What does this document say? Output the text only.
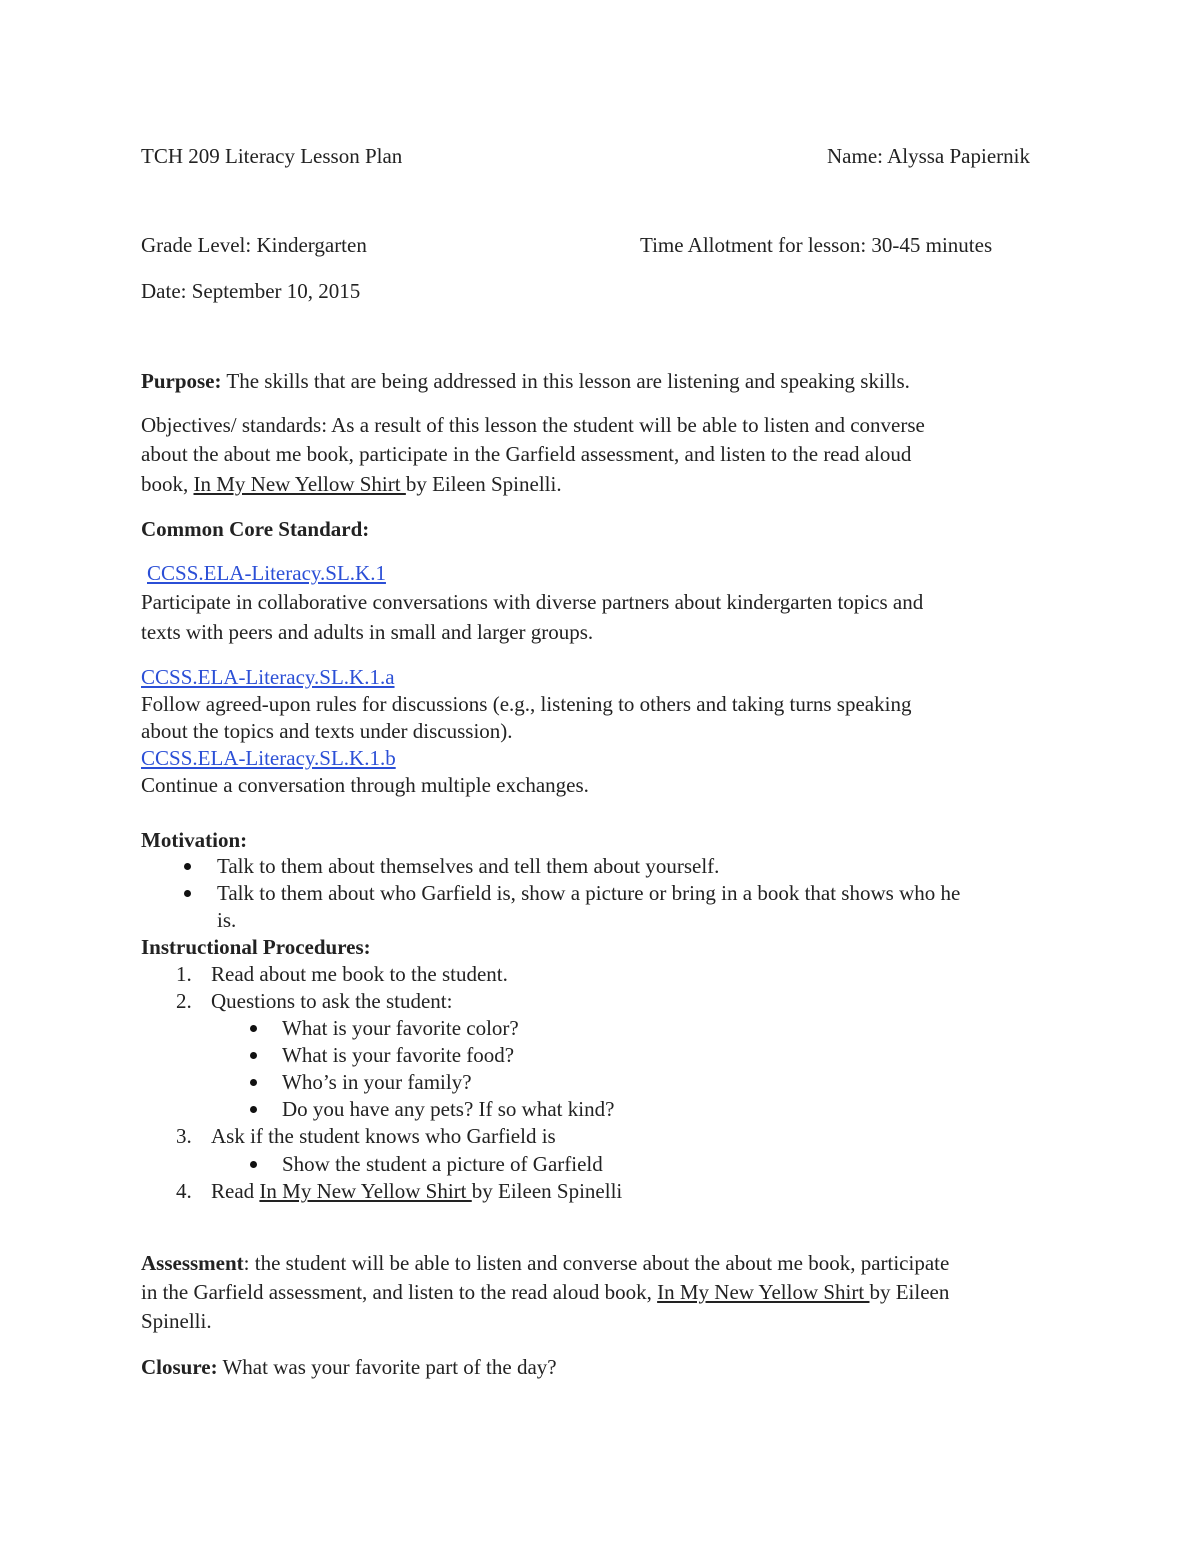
TCH 209 Literacy Lesson Plan	Name: Alyssa Papiernik
Grade Level: Kindergarten	Time Allotment for lesson: 30-45 minutes
Date: September 10, 2015
Purpose: The skills that are being addressed in this lesson are listening and speaking skills.
Objectives/ standards: As a result of this lesson the student will be able to listen and converse
about the about me book, participate in the Garfield assessment, and listen to the read aloud
book, In My New Yellow Shirt by Eileen Spinelli.
Common Core Standard:
CCSS.ELA-Literacy.SL.K.1
Participate in collaborative conversations with diverse partners about kindergarten topics and
texts with peers and adults in small and larger groups.
CCSS.ELA-Literacy.SL.K.1.a
Follow agreed-upon rules for discussions (e.g., listening to others and taking turns speaking
about the topics and texts under discussion).
CCSS.ELA-Literacy.SL.K.1.b
Continue a conversation through multiple exchanges.
Motivation:
Talk to them about themselves and tell them about yourself.
Talk to them about who Garfield is, show a picture or bring in a book that shows who he
is.
Instructional Procedures:
1. Read about me book to the student.
2. Questions to ask the student:
What is your favorite color?
What is your favorite food?
Who’s in your family?
Do you have any pets? If so what kind?
3. Ask if the student knows who Garfield is
Show the student a picture of Garfield
4. Read In My New Yellow Shirt by Eileen Spinelli
Assessment: the student will be able to listen and converse about the about me book, participate
in the Garfield assessment, and listen to the read aloud book, In My New Yellow Shirt by Eileen
Spinelli.
Closure: What was your favorite part of the day?
